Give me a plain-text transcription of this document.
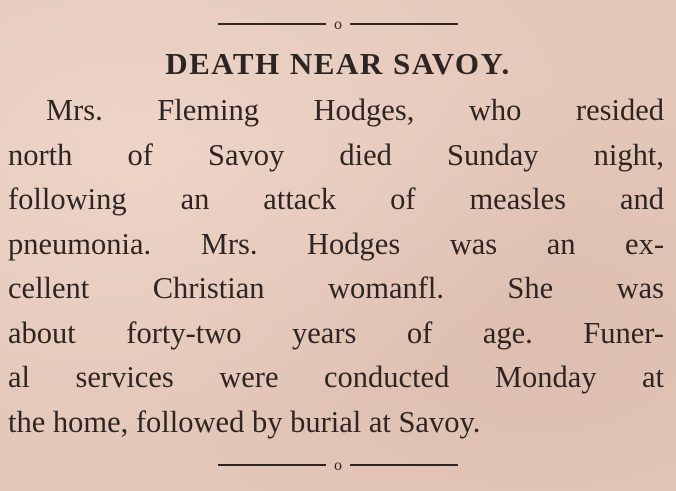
o
DEATH NEAR SAVOY.
Mrs. Fleming Hodges, who resided
north of Savoy died Sunday night,
following an attack of measles and
pneumonia. Mrs. Hodges was an ex-
cellent Christian womanfl. She was
about forty-two years of age. Funer-
al services were conducted Monday at
the home, followed by burial at Savoy.
o
